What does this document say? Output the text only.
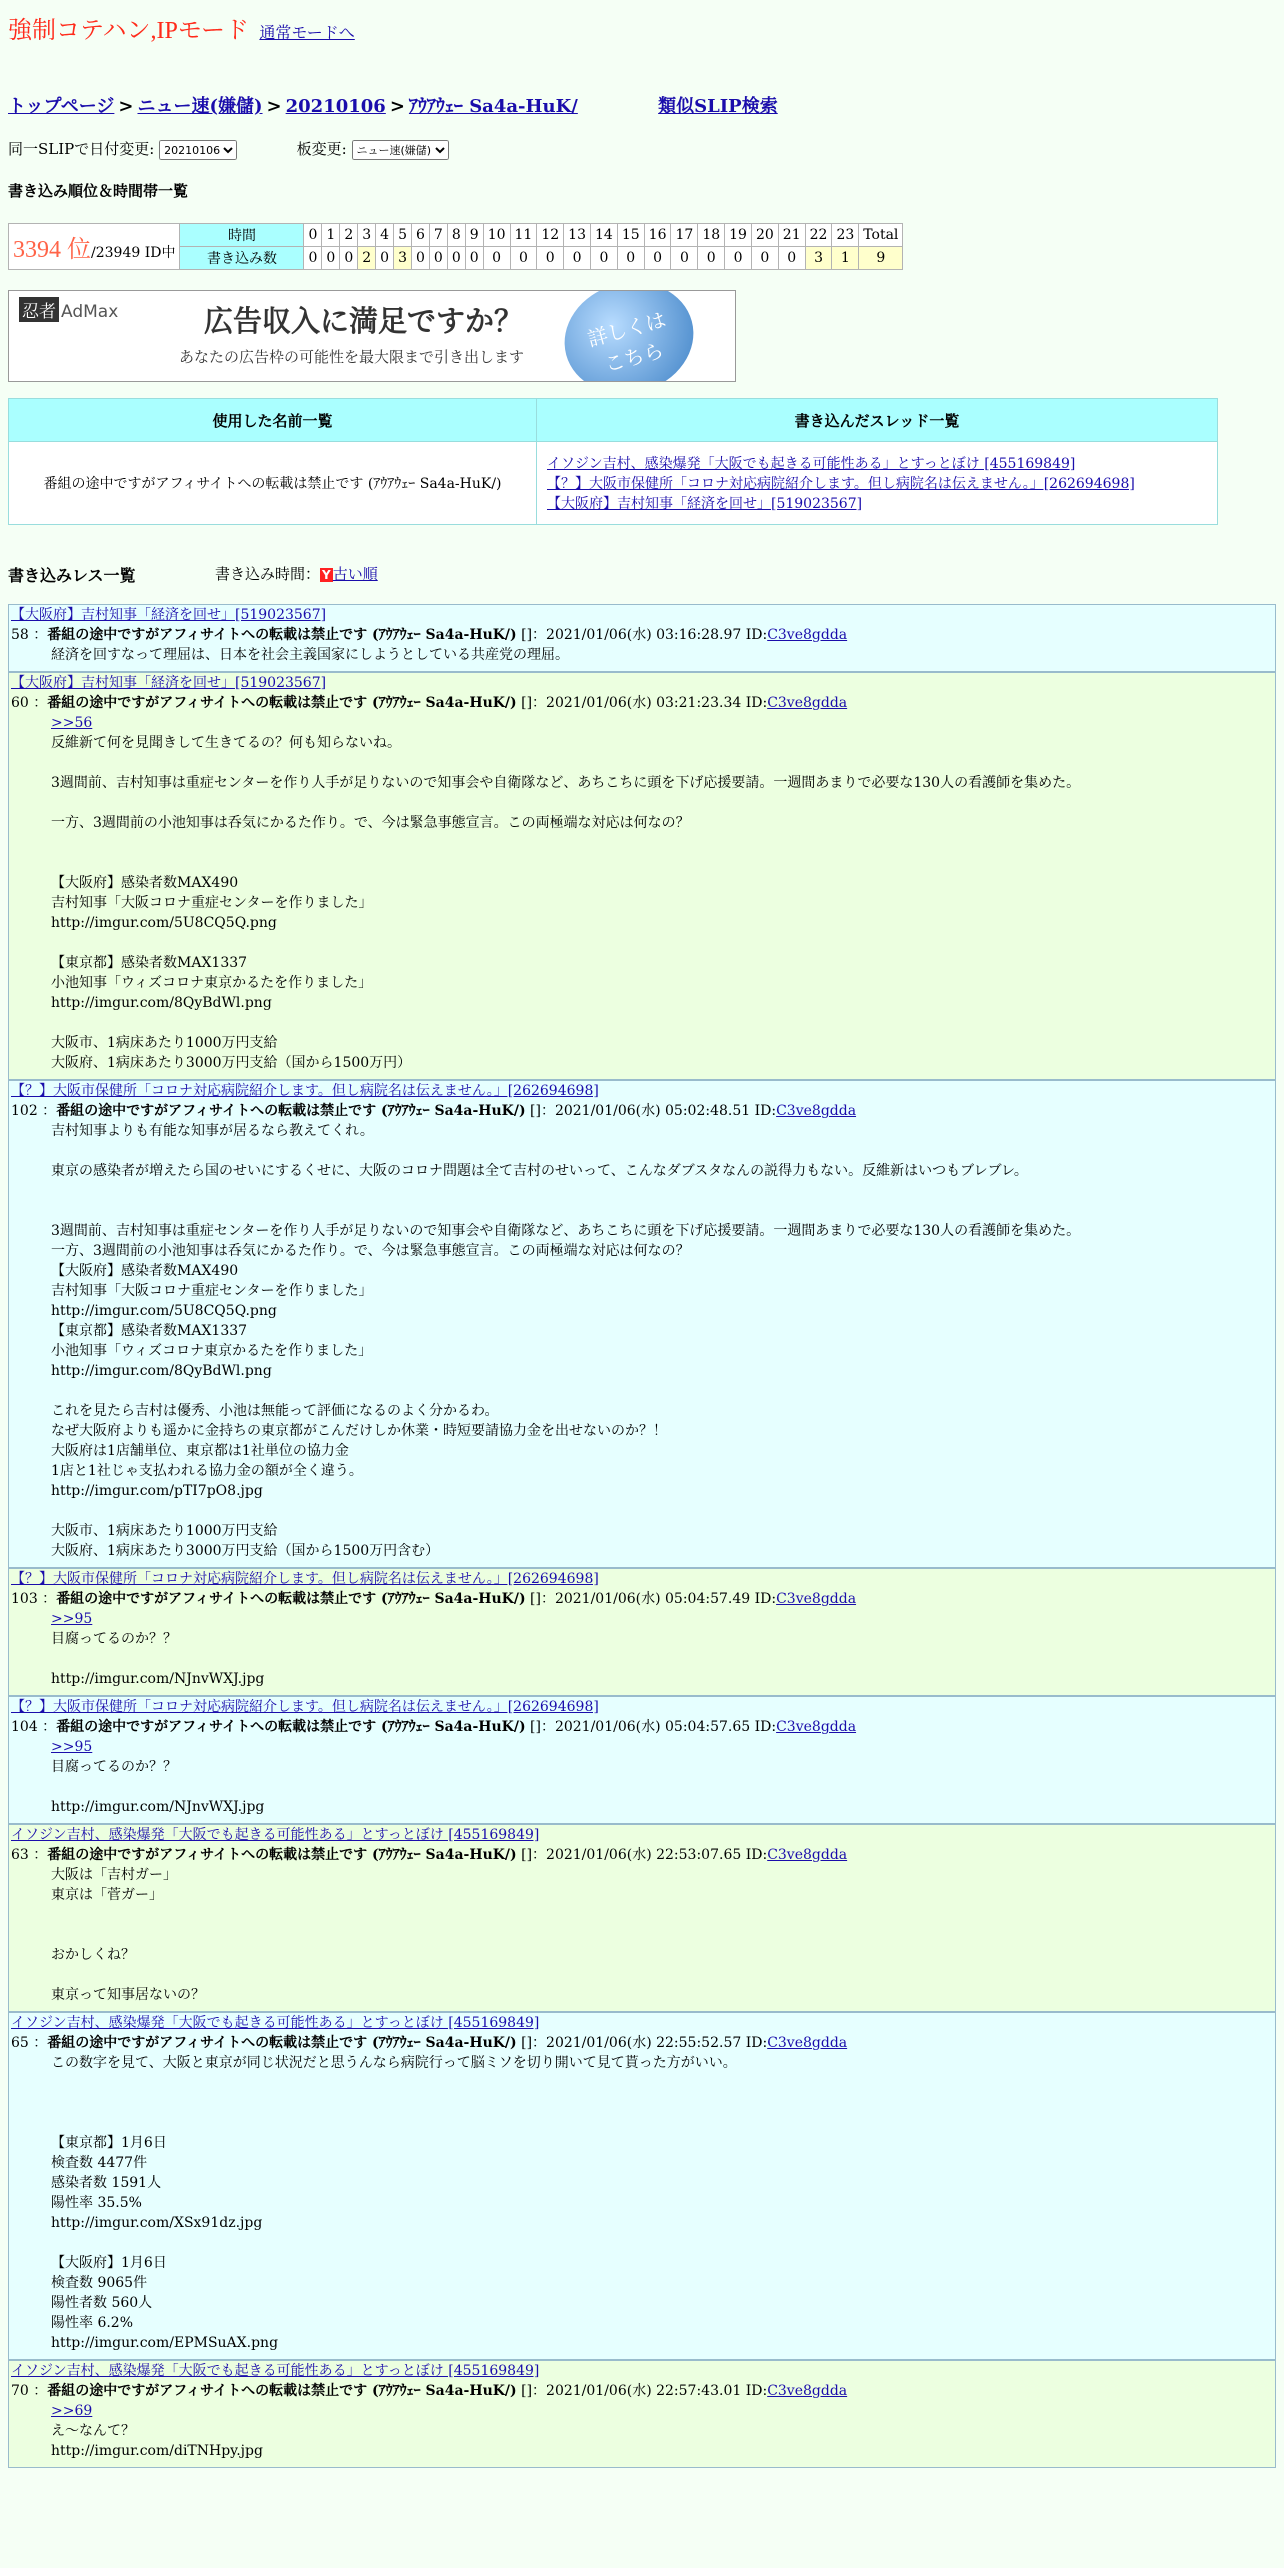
強制コテハン,IPモード 通常モードへ
トップページ > ニュー速(嫌儲) > 20210106 > ｱｳｱｳｪｰ Sa4a-HuK/	類似SLIP検索
同一SLIPで日付変更:
20210106	板変更:
ニュー速(嫌儲)
書き込み順位＆時間帯一覧
3394 位/23949 ID中	時間	0	1	2	3	4	5	6	7	8	9	10	11	12	13	14	15	16	17	18	19	20	21	22	23	Total
	書き込み数	0	0	0	2	0	3	0	0	0	0	0	0	0	0	0	0	0	0	0	0	0	0	3	1	9
忍者 AdMax	広告収入に満足ですか？
あなたの広告枠の可能性を最大限まで引き出します
詳しくは
こちら
使用した名前一覧	書き込んだスレッド一覧
番組の途中ですがアフィサイトへの転載は禁止です (ｱｳｱｳｪｰ Sa4a-HuK/)	イソジン吉村、感染爆発「大阪でも起きる可能性ある」とすっとぼけ [455169849]
【？】大阪市保健所「コロナ対応病院紹介します。但し病院名は伝えません。」[262694698]
【大阪府】吉村知事「経済を回せ」[519023567]
書き込みレス一覧	書き込み時間： Y 古い順
【大阪府】吉村知事「経済を回せ」[519023567]
58 ：番組の途中ですがアフィサイトへの転載は禁止です (ｱｳｱｳｪｰ Sa4a-HuK/) []：2021/01/06(水) 03:16:28.97 ID:C3ve8gdda
経済を回すなって理屈は、日本を社会主義国家にしようとしている共産党の理屈。
【大阪府】吉村知事「経済を回せ」[519023567]
60 ：番組の途中ですがアフィサイトへの転載は禁止です (ｱｳｱｳｪｰ Sa4a-HuK/) []：2021/01/06(水) 03:21:23.34 ID:C3ve8gdda
>>56
反維新て何を見聞きして生きてるの？何も知らないね。

3週間前、吉村知事は重症センターを作り人手が足りないので知事会や自衛隊など、あちこちに頭を下げ応援要請。一週間あまりで必要な130人の看護師を集めた。

一方、3週間前の小池知事は呑気にかるた作り。で、今は緊急事態宣言。この両極端な対応は何なの？

【大阪府】感染者数MAX490
吉村知事「大阪コロナ重症センターを作りました」
http://imgur.com/5U8CQ5Q.png

【東京都】感染者数MAX1337
小池知事「ウィズコロナ東京かるたを作りました」
http://imgur.com/8QyBdWl.png

大阪市、1病床あたり1000万円支給
大阪府、1病床あたり3000万円支給（国から1500万円）
【？】大阪市保健所「コロナ対応病院紹介します。但し病院名は伝えません。」[262694698]
102 ：番組の途中ですがアフィサイトへの転載は禁止です (ｱｳｱｳｪｰ Sa4a-HuK/) []：2021/01/06(水) 05:02:48.51 ID:C3ve8gdda
吉村知事よりも有能な知事が居るなら教えてくれ。

東京の感染者が増えたら国のせいにするくせに、大阪のコロナ問題は全て吉村のせいって、こんなダブスタなんの説得力もない。反維新はいつもブレブレ。

3週間前、吉村知事は重症センターを作り人手が足りないので知事会や自衛隊など、あちこちに頭を下げ応援要請。一週間あまりで必要な130人の看護師を集めた。
一方、3週間前の小池知事は呑気にかるた作り。で、今は緊急事態宣言。この両極端な対応は何なの？
【大阪府】感染者数MAX490
吉村知事「大阪コロナ重症センターを作りました」
http://imgur.com/5U8CQ5Q.png
【東京都】感染者数MAX1337
小池知事「ウィズコロナ東京かるたを作りました」
http://imgur.com/8QyBdWl.png

これを見たら吉村は優秀、小池は無能って評価になるのよく分かるわ。
なぜ大阪府よりも遥かに金持ちの東京都がこんだけしか休業・時短要請協力金を出せないのか？！
大阪府は1店舗単位、東京都は1社単位の協力金
1店と1社じゃ支払われる協力金の額が全く違う。
http://imgur.com/pTI7pO8.jpg

大阪市、1病床あたり1000万円支給
大阪府、1病床あたり3000万円支給（国から1500万円含む）
【？】大阪市保健所「コロナ対応病院紹介します。但し病院名は伝えません。」[262694698]
103 ：番組の途中ですがアフィサイトへの転載は禁止です (ｱｳｱｳｪｰ Sa4a-HuK/) []：2021/01/06(水) 05:04:57.49 ID:C3ve8gdda
>>95
目腐ってるのか？？

http://imgur.com/NJnvWXJ.jpg
【？】大阪市保健所「コロナ対応病院紹介します。但し病院名は伝えません。」[262694698]
104 ：番組の途中ですがアフィサイトへの転載は禁止です (ｱｳｱｳｪｰ Sa4a-HuK/) []：2021/01/06(水) 05:04:57.65 ID:C3ve8gdda
>>95
目腐ってるのか？？

http://imgur.com/NJnvWXJ.jpg
イソジン吉村、感染爆発「大阪でも起きる可能性ある」とすっとぼけ [455169849]
63 ：番組の途中ですがアフィサイトへの転載は禁止です (ｱｳｱｳｪｰ Sa4a-HuK/) []：2021/01/06(水) 22:53:07.65 ID:C3ve8gdda
大阪は「吉村ガー」
東京は「菅ガー」

おかしくね？

東京って知事居ないの？
イソジン吉村、感染爆発「大阪でも起きる可能性ある」とすっとぼけ [455169849]
65 ：番組の途中ですがアフィサイトへの転載は禁止です (ｱｳｱｳｪｰ Sa4a-HuK/) []：2021/01/06(水) 22:55:52.57 ID:C3ve8gdda
この数字を見て、大阪と東京が同じ状況だと思うんなら病院行って脳ミソを切り開いて見て貰った方がいい。

【東京都】1月6日
検査数 4477件
感染者数 1591人
陽性率 35.5%
http://imgur.com/XSx91dz.jpg

【大阪府】1月6日
検査数 9065件
陽性者数 560人
陽性率 6.2%
http://imgur.com/EPMSuAX.png
イソジン吉村、感染爆発「大阪でも起きる可能性ある」とすっとぼけ [455169849]
70 ：番組の途中ですがアフィサイトへの転載は禁止です (ｱｳｱｳｪｰ Sa4a-HuK/) []：2021/01/06(水) 22:57:43.01 ID:C3ve8gdda
>>69
え～なんて？
http://imgur.com/diTNHpy.jpg
